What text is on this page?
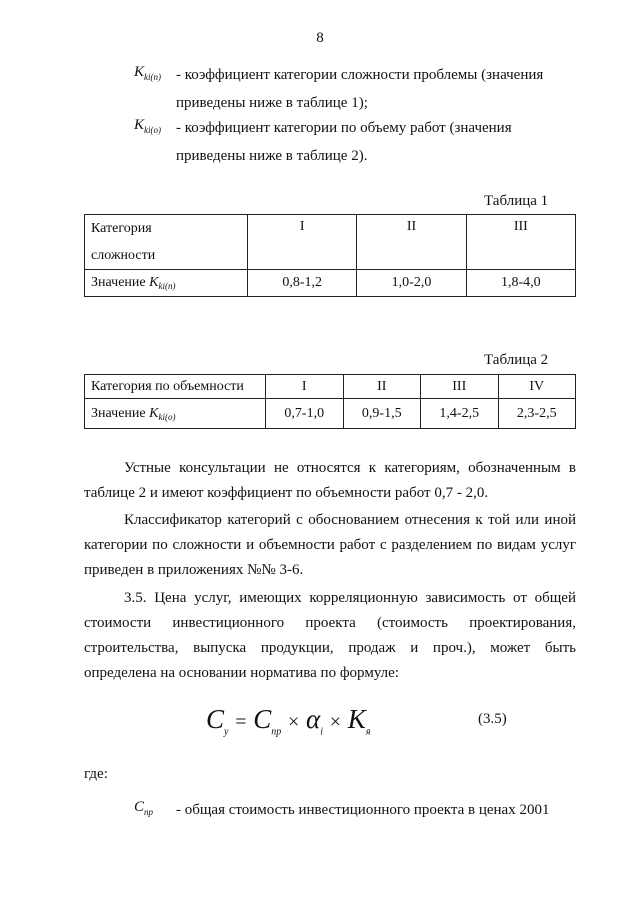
8
$K_{ki(n)}$ - коэффициент категории сложности проблемы (значения
приведены ниже в таблице 1);
$K_{ki(o)}$ - коэффициент категории по объему работ (значения
приведены ниже в таблице 2).
Таблица 1
Категория
сложности	I	II	III
Значение $K_{ki(n)}$	0,8-1,2	1,0-2,0	1,8-4,0
Таблица 2
Категория по объемности	I	II	III	IV
Значение $K_{ki(o)}$	0,7-1,0	0,9-1,5	1,4-2,5	2,3-2,5
Устные консультации не относятся к категориям, обозначенным в таблице 2 и имеют коэффициент по объемности работ 0,7 - 2,0.
Классификатор категорий с обоснованием отнесения к той или иной категории по сложности и объемности работ с разделением по видам услуг приведен в приложениях №№ 3-6.
3.5. Цена услуг, имеющих корреляционную зависимость от общей стоимости инвестиционного проекта (стоимость проектирования, строительства, выпуска продукции, продаж и проч.), может быть определена на основании норматива по формуле:
$C_у = C_{пр} \times \alpha_i \times K_я$
(3.5)
где:
$C_{пр}$ - общая стоимость инвестиционного проекта в ценах 2001
